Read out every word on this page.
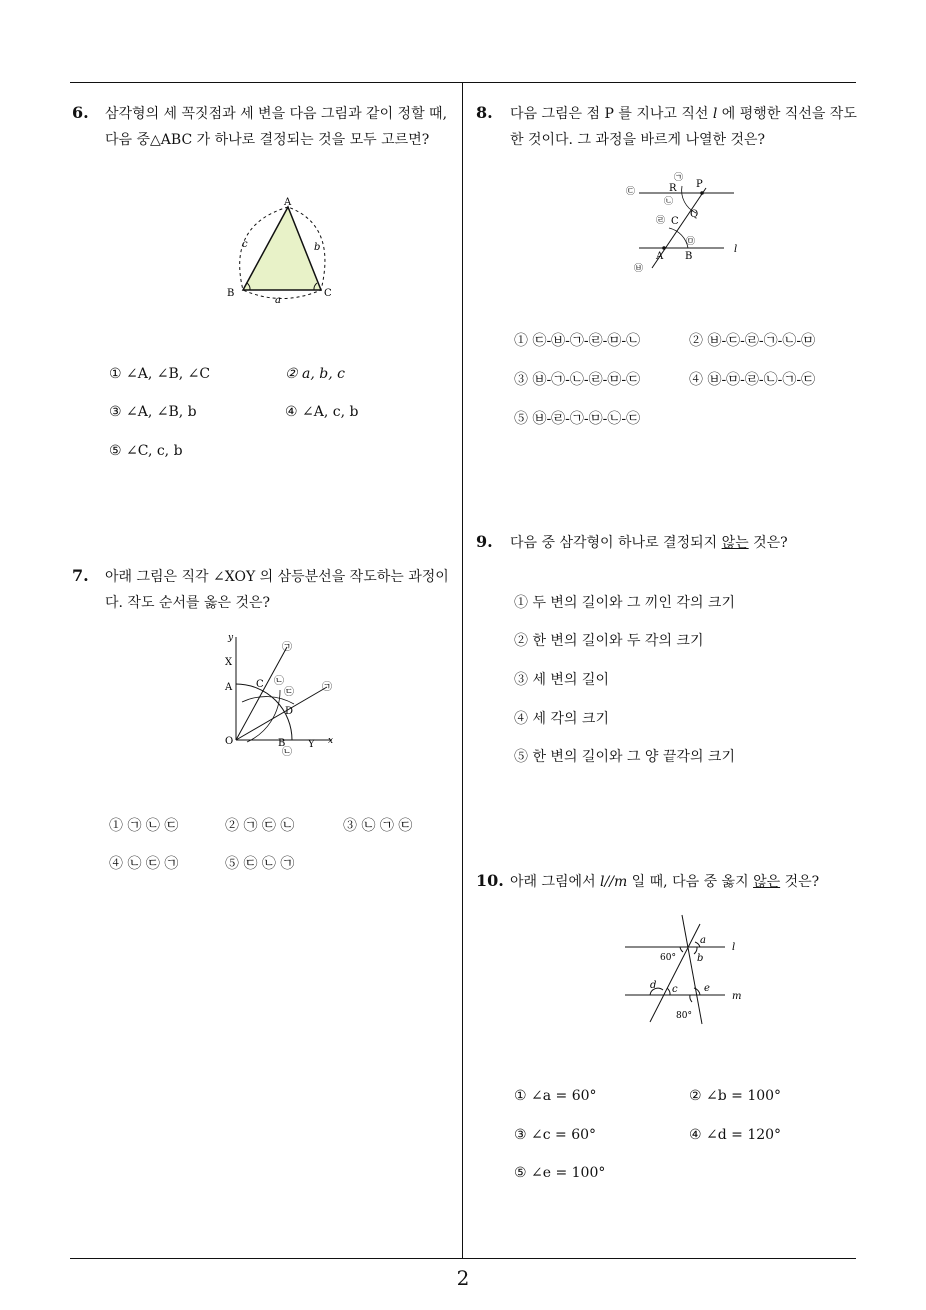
6. 삼각형의 세 꼭짓점과 세 변을 다음 그림과 같이 정할 때, 다음 중△ABC 가 하나로 결정되는 것을 모두 고르면?
A
B	C
c	b
a
① ∠A, ∠B, ∠C	② a, b, c
③ ∠A, ∠B, b	④ ∠A, c, b
⑤ ∠C, c, b
7. 아래 그림은 직각 ∠XOY 의 삼등분선을 작도하는 과정이다. 작도 순서를 옳은 것은?
y
x
X
A C
D
O	B Y
㉠
㉡
㉢	㉠
㉡
① ㉠ ㉡ ㉢	② ㉠ ㉢ ㉡	③ ㉡ ㉠ ㉢
④ ㉡ ㉢ ㉠	⑤ ㉢ ㉡ ㉠
8. 다음 그림은 점 P 를 지나고 직선 l 에 평행한 직선을 작도한 것이다. 그 과정을 바르게 나열한 것은?
R P
Q
C
A B
l
㉠
㉡
㉢
㉣
㉤
㉥
① ㉢-㉥-㉠-㉣-㉤-㉡	② ㉥-㉢-㉣-㉠-㉡-㉤
③ ㉥-㉠-㉡-㉣-㉤-㉢	④ ㉥-㉤-㉣-㉡-㉠-㉢
⑤ ㉥-㉣-㉠-㉤-㉡-㉢
9. 다음 중 삼각형이 하나로 결정되지 않는 것은?
① 두 변의 길이와 그 끼인 각의 크기
② 한 변의 길이와 두 각의 크기
③ 세 변의 길이
④ 세 각의 크기
⑤ 한 변의 길이와 그 양 끝각의 크기
10. 아래 그림에서 l//m 일 때, 다음 중 옳지 않은 것은?
a
b
60°
l
d c	e
m
80°
① ∠a = 60°	② ∠b = 100°
③ ∠c = 60°	④ ∠d = 120°
⑤ ∠e = 100°
2
